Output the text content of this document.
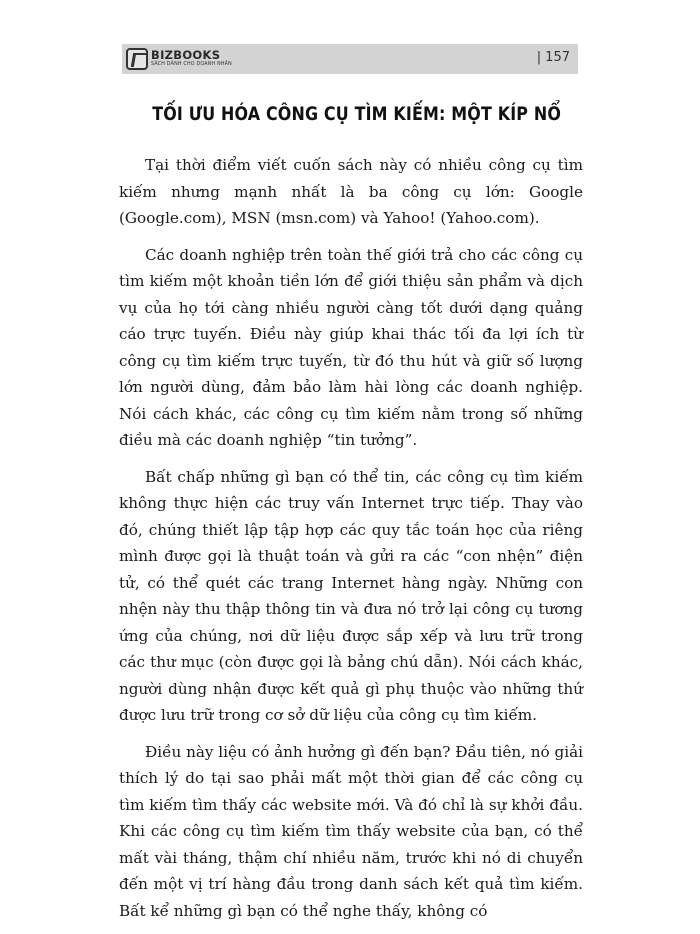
BIZBOOKS
SÁCH DÀNH CHO DOANH NHÂN	| 157
TỐI ƯU HÓA CÔNG CỤ TÌM KIẾM: MỘT KÍP NỔ

Tại thời điểm viết cuốn sách này có nhiều công cụ tìm kiếm nhưng mạnh nhất là ba công cụ lớn: Google (Google.com), MSN (msn.com) và Yahoo! (Yahoo.com).

Các doanh nghiệp trên toàn thế giới trả cho các công cụ tìm kiếm một khoản tiền lớn để giới thiệu sản phẩm và dịch vụ của họ tới càng nhiều người càng tốt dưới dạng quảng cáo trực tuyến. Điều này giúp khai thác tối đa lợi ích từ công cụ tìm kiếm trực tuyến, từ đó thu hút và giữ số lượng lớn người dùng, đảm bảo làm hài lòng các doanh nghiệp. Nói cách khác, các công cụ tìm kiếm nằm trong số những điều mà các doanh nghiệp “tin tưởng”.

Bất chấp những gì bạn có thể tin, các công cụ tìm kiếm không thực hiện các truy vấn Internet trực tiếp. Thay vào đó, chúng thiết lập tập hợp các quy tắc toán học của riêng mình được gọi là thuật toán và gửi ra các “con nhện” điện tử, có thể quét các trang Internet hàng ngày. Những con nhện này thu thập thông tin và đưa nó trở lại công cụ tương ứng của chúng, nơi dữ liệu được sắp xếp và lưu trữ trong các thư mục (còn được gọi là bảng chú dẫn). Nói cách khác, người dùng nhận được kết quả gì phụ thuộc vào những thứ được lưu trữ trong cơ sở dữ liệu của công cụ tìm kiếm.

Điều này liệu có ảnh hưởng gì đến bạn? Đầu tiên, nó giải thích lý do tại sao phải mất một thời gian để các công cụ tìm kiếm tìm thấy các website mới. Và đó chỉ là sự khởi đầu. Khi các công cụ tìm kiếm tìm thấy website của bạn, có thể mất vài tháng, thậm chí nhiều năm, trước khi nó di chuyển đến một vị trí hàng đầu trong danh sách kết quả tìm kiếm. Bất kể những gì bạn có thể nghe thấy, không có
